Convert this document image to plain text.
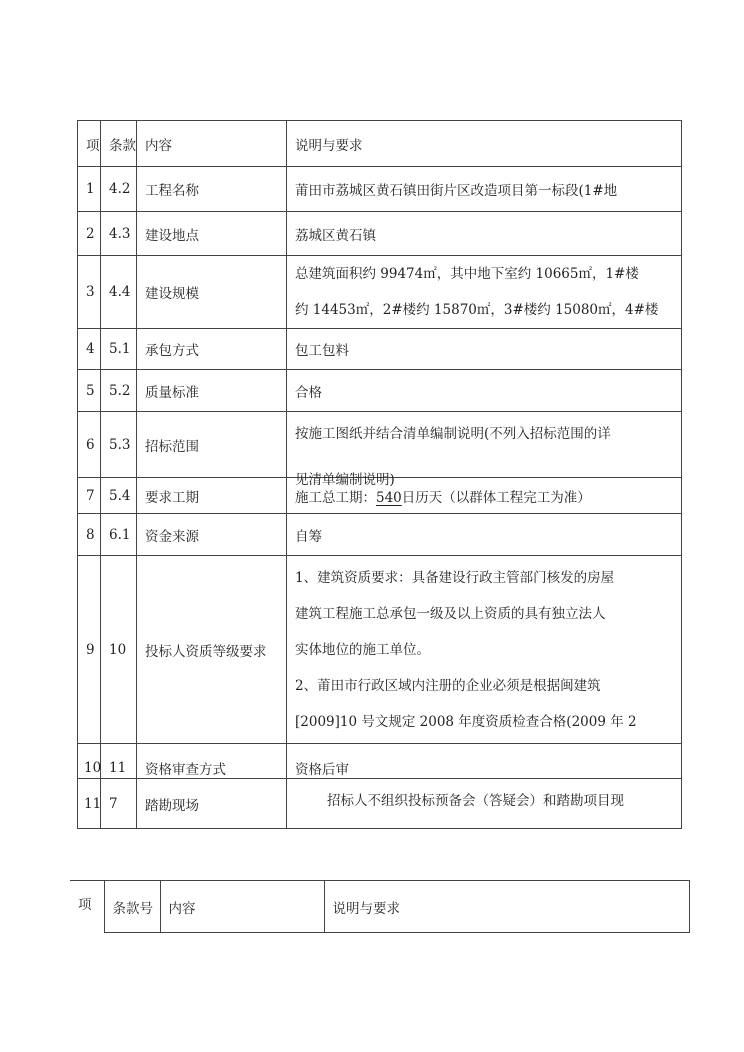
项	条款	内容	说明与要求
1	4.2	工程名称	莆田市荔城区黄石镇田街片区改造项目第一标段(1#地
2	4.3	建设地点	荔城区黄石镇
3	4.4	建设规模	总建筑面积约 99474㎡，其中地下室约 10665㎡，1#楼
约 14453㎡，2#楼约 15870㎡，3#楼约 15080㎡，4#楼

4	5.1	承包方式	包工包料
5	5.2	质量标准	合格
6	5.3	招标范围	按施工图纸并结合清单编制说明(不列入招标范围的详
见清单编制说明)

7	5.4	要求工期	施工总工期：540日历天（以群体工程完工为准）
8	6.1	资金来源	自筹
9	10	投标人资质等级要求	1、建筑资质要求：具备建设行政主管部门核发的房屋
建筑工程施工总承包一级及以上资质的具有独立法人
实体地位的施工单位。
2、莆田市行政区域内注册的企业必须是根据闽建筑
[2009]10 号文规定 2008 年度资质检查合格(2009 年 2

10	11	资格审查方式	资格后审
11	7	踏勘现场	招标人不组织投标预备会（答疑会）和踏勘项目现
项	条款号	内容	说明与要求
